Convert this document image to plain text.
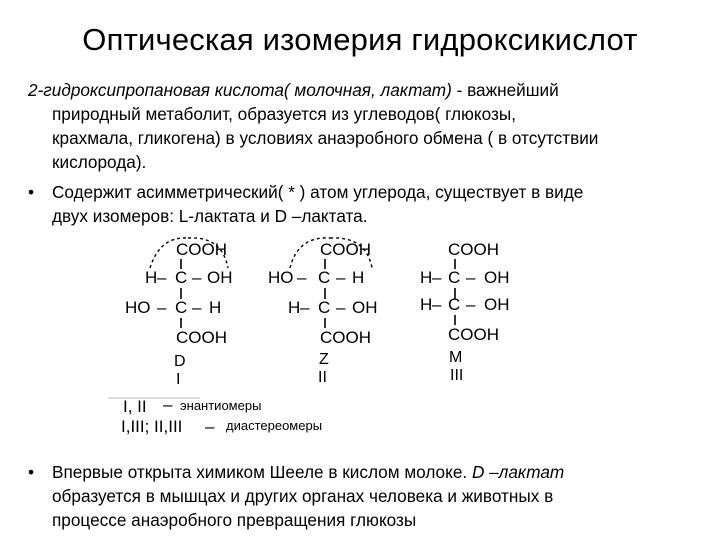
Оптическая изомерия гидроксикислот
2-гидроксипропановая кислота( молочная, лактат) - важнейший
природный метаболит, образуется из углеводов( глюкозы,
крахмала, гликогена) в условиях анаэробного обмена ( в отсутствии
кислорода).
•	Содержит асимметрический( * ) атом углерода, существует в виде
двух изомеров: L-лактата и D –лактата.
COOH
H – C – OH
HO – C – H
COOH
D
I
COOH
HO – C – H
H – C – OH
COOH
Z
II
COOH
H – C – OH
H – C – OH
COOH
M
III
I, II – энантиомеры
I,III; II,III – диастереомеры
•	Впервые открыта химиком Шееле в кислом молоке. D –лактат
образуется в мышцах и других органах человека и животных в
процессе анаэробного превращения глюкозы
